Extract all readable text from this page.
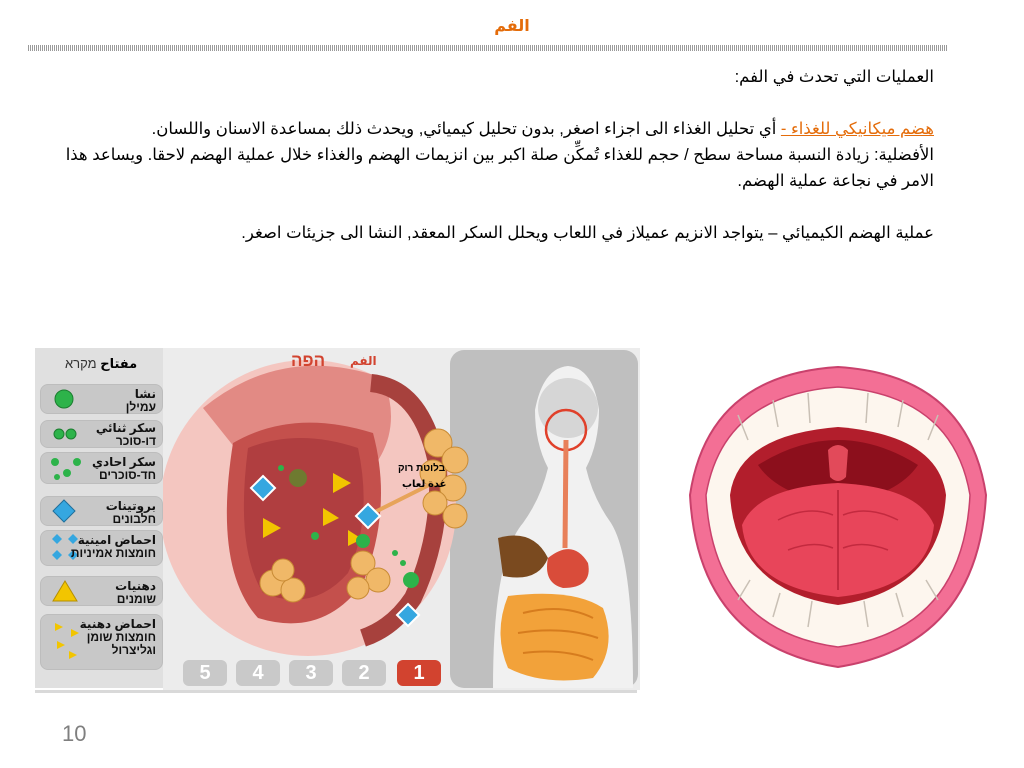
الفم

العمليات التي تحدث في الفم:

هضم ميكانيكي للغذاء - أي تحليل الغذاء الى اجزاء اصغر, بدون تحليل كيميائي, ويحدث ذلك بمساعدة الاسنان واللسان.

الأفضلية: زيادة النسبة مساحة سطح / حجم للغذاء تُمكِّن صلة اكبر بين انزيمات الهضم والغذاء خلال عملية الهضم لاحقا. ويساعد هذا الامر في نجاعة عملية الهضم.

عملية الهضم الكيميائي – يتواجد الانزيم عميلاز في اللعاب ويحلل السكر المعقد, النشا الى جزيئات اصغر.

مفتاح מקרא
نشا
עמילן
سكر ثنائي
דו-סוכר
سكر احادي
חד-סוכרים
بروتينات
חלבונים
احماض امينية
חומצות אמיניות
دهنيات
שומנים
احماض دهنية
חומצות שומן וגליצרול
הפה الفم
בלוטת רוק
غدة لعاب
5	4	3	2	1
10
